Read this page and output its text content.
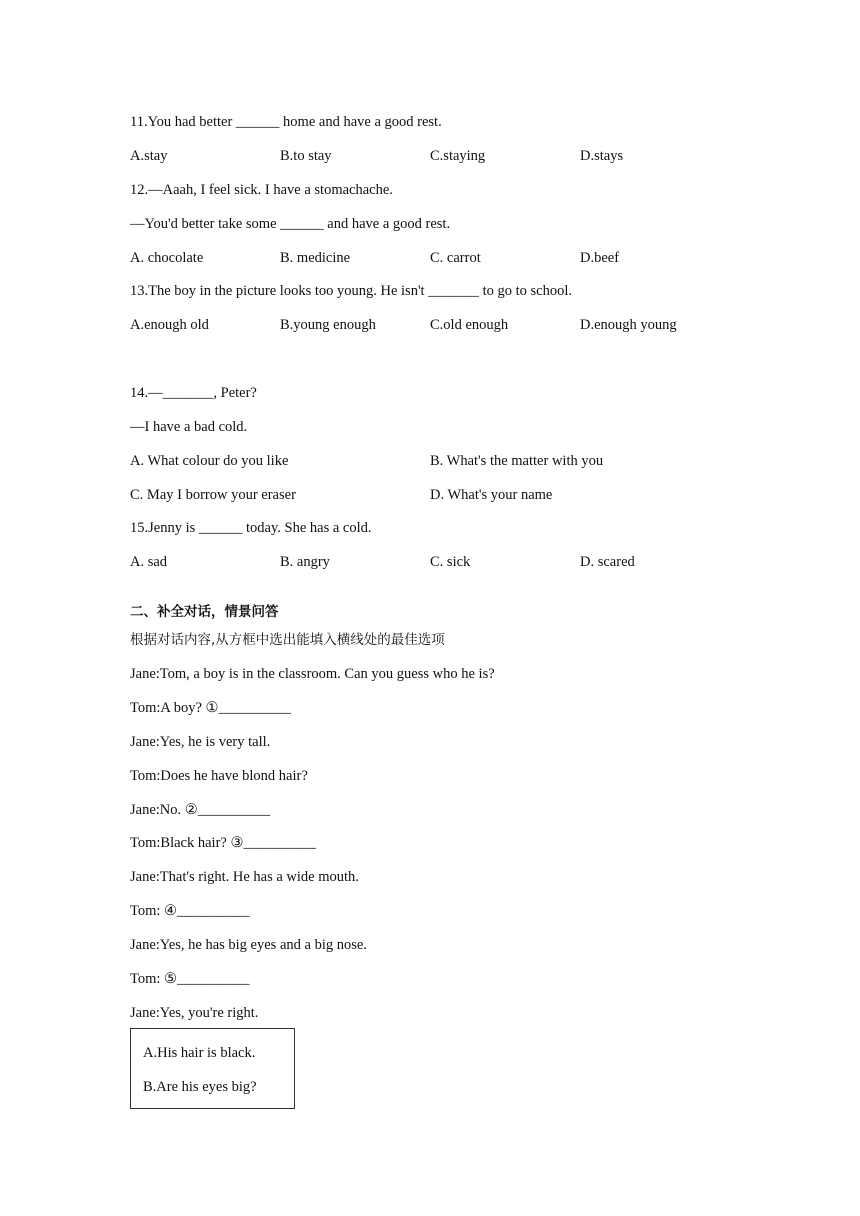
11.You had better ______ home and have a good rest.
A.stay	B.to stay	C.staying	D.stays
12.—Aaah, I feel sick. I have a stomachache.
—You'd better take some ______ and have a good rest.
A. chocolate	B. medicine	C. carrot	D.beef
13.The boy in the picture looks too young. He isn't _______ to go to school.
A.enough old	B.young enough	C.old enough	D.enough young
14.—_______, Peter?
—I have a bad cold.
A. What colour do you like	B. What's the matter with you
C. May I borrow your eraser	D. What's your name
15.Jenny is ______ today. She has a cold.
A. sad	B. angry	C. sick	D. scared
二、补全对话，情景问答
根据对话内容,从方框中选出能填入横线处的最佳选项
Jane:Tom, a boy is in the classroom. Can you guess who he is?
Tom:A boy? ①__________
Jane:Yes, he is very tall.
Tom:Does he have blond hair?
Jane:No. ②__________
Tom:Black hair? ③__________
Jane:That's right. He has a wide mouth.
Tom: ④__________
Jane:Yes, he has big eyes and a big nose.
Tom: ⑤__________
Jane:Yes, you're right.
A.His hair is black.
B.Are his eyes big?
